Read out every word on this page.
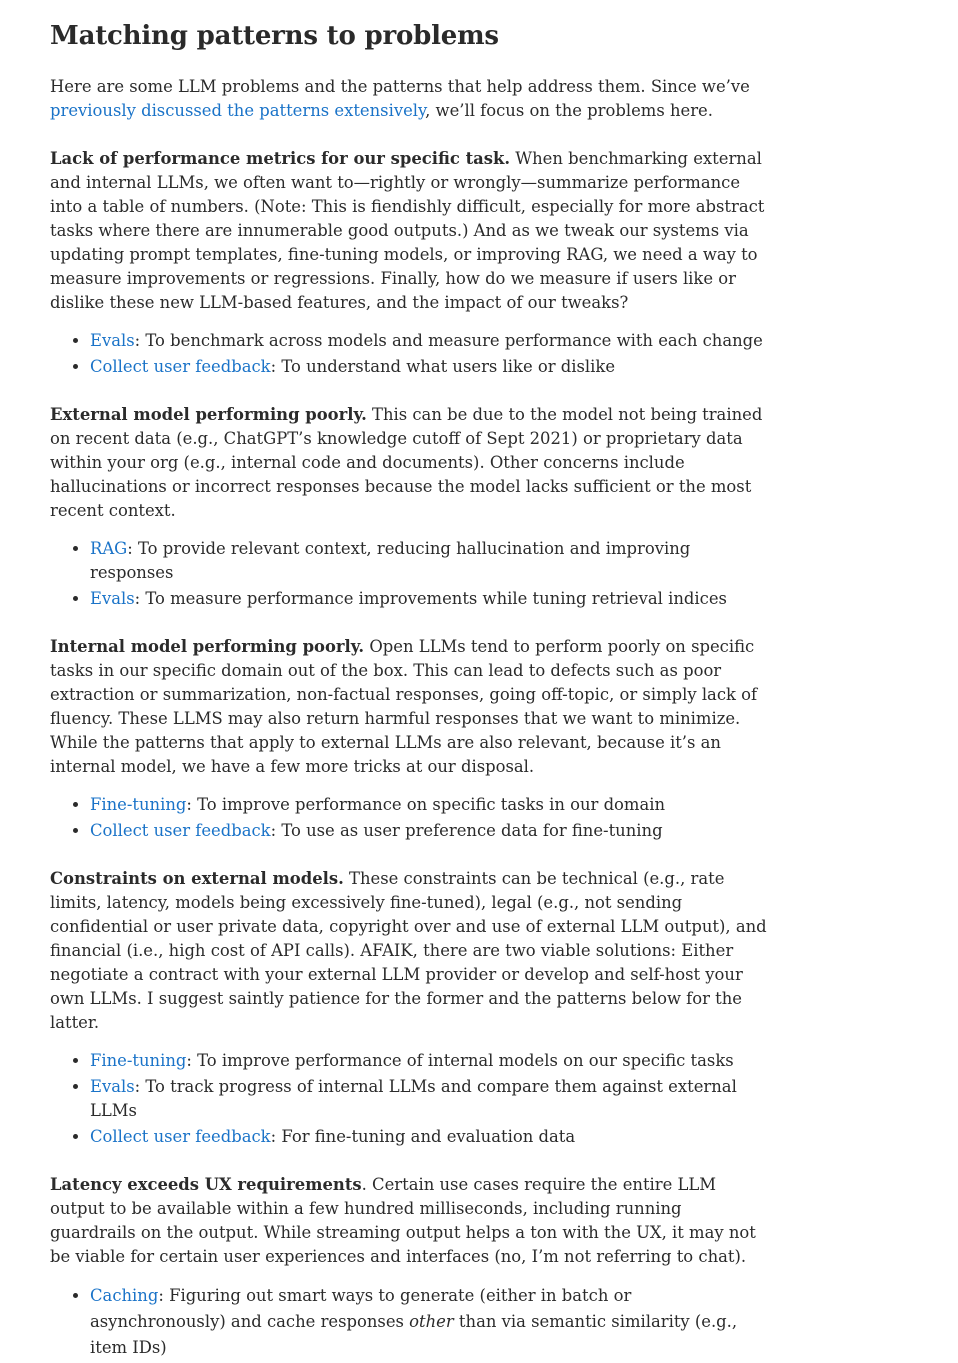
Matching patterns to problems

Here are some LLM problems and the patterns that help address them. Since we’ve previously discussed the patterns extensively, we’ll focus on the problems here.

Lack of performance metrics for our specific task. When benchmarking external and internal LLMs, we often want to—rightly or wrongly—summarize performance into a table of numbers. (Note: This is fiendishly difficult, especially for more abstract tasks where there are innumerable good outputs.) And as we tweak our systems via updating prompt templates, fine-tuning models, or improving RAG, we need a way to measure improvements or regressions. Finally, how do we measure if users like or dislike these new LLM-based features, and the impact of our tweaks?

• Evals: To benchmark across models and measure performance with each change
• Collect user feedback: To understand what users like or dislike

External model performing poorly. This can be due to the model not being trained on recent data (e.g., ChatGPT’s knowledge cutoff of Sept 2021) or proprietary data within your org (e.g., internal code and documents). Other concerns include hallucinations or incorrect responses because the model lacks sufficient or the most recent context.

• RAG: To provide relevant context, reducing hallucination and improving responses
• Evals: To measure performance improvements while tuning retrieval indices

Internal model performing poorly. Open LLMs tend to perform poorly on specific tasks in our specific domain out of the box. This can lead to defects such as poor extraction or summarization, non-factual responses, going off-topic, or simply lack of fluency. These LLMS may also return harmful responses that we want to minimize. While the patterns that apply to external LLMs are also relevant, because it’s an internal model, we have a few more tricks at our disposal.

• Fine-tuning: To improve performance on specific tasks in our domain
• Collect user feedback: To use as user preference data for fine-tuning

Constraints on external models. These constraints can be technical (e.g., rate limits, latency, models being excessively fine-tuned), legal (e.g., not sending confidential or user private data, copyright over and use of external LLM output), and financial (i.e., high cost of API calls). AFAIK, there are two viable solutions: Either negotiate a contract with your external LLM provider or develop and self-host your own LLMs. I suggest saintly patience for the former and the patterns below for the latter.

• Fine-tuning: To improve performance of internal models on our specific tasks
• Evals: To track progress of internal LLMs and compare them against external LLMs
• Collect user feedback: For fine-tuning and evaluation data

Latency exceeds UX requirements. Certain use cases require the entire LLM output to be available within a few hundred milliseconds, including running guardrails on the output. While streaming output helps a ton with the UX, it may not be viable for certain user experiences and interfaces (no, I’m not referring to chat).

• Caching: Figuring out smart ways to generate (either in batch or asynchronously) and cache responses other than via semantic similarity (e.g., item IDs)
